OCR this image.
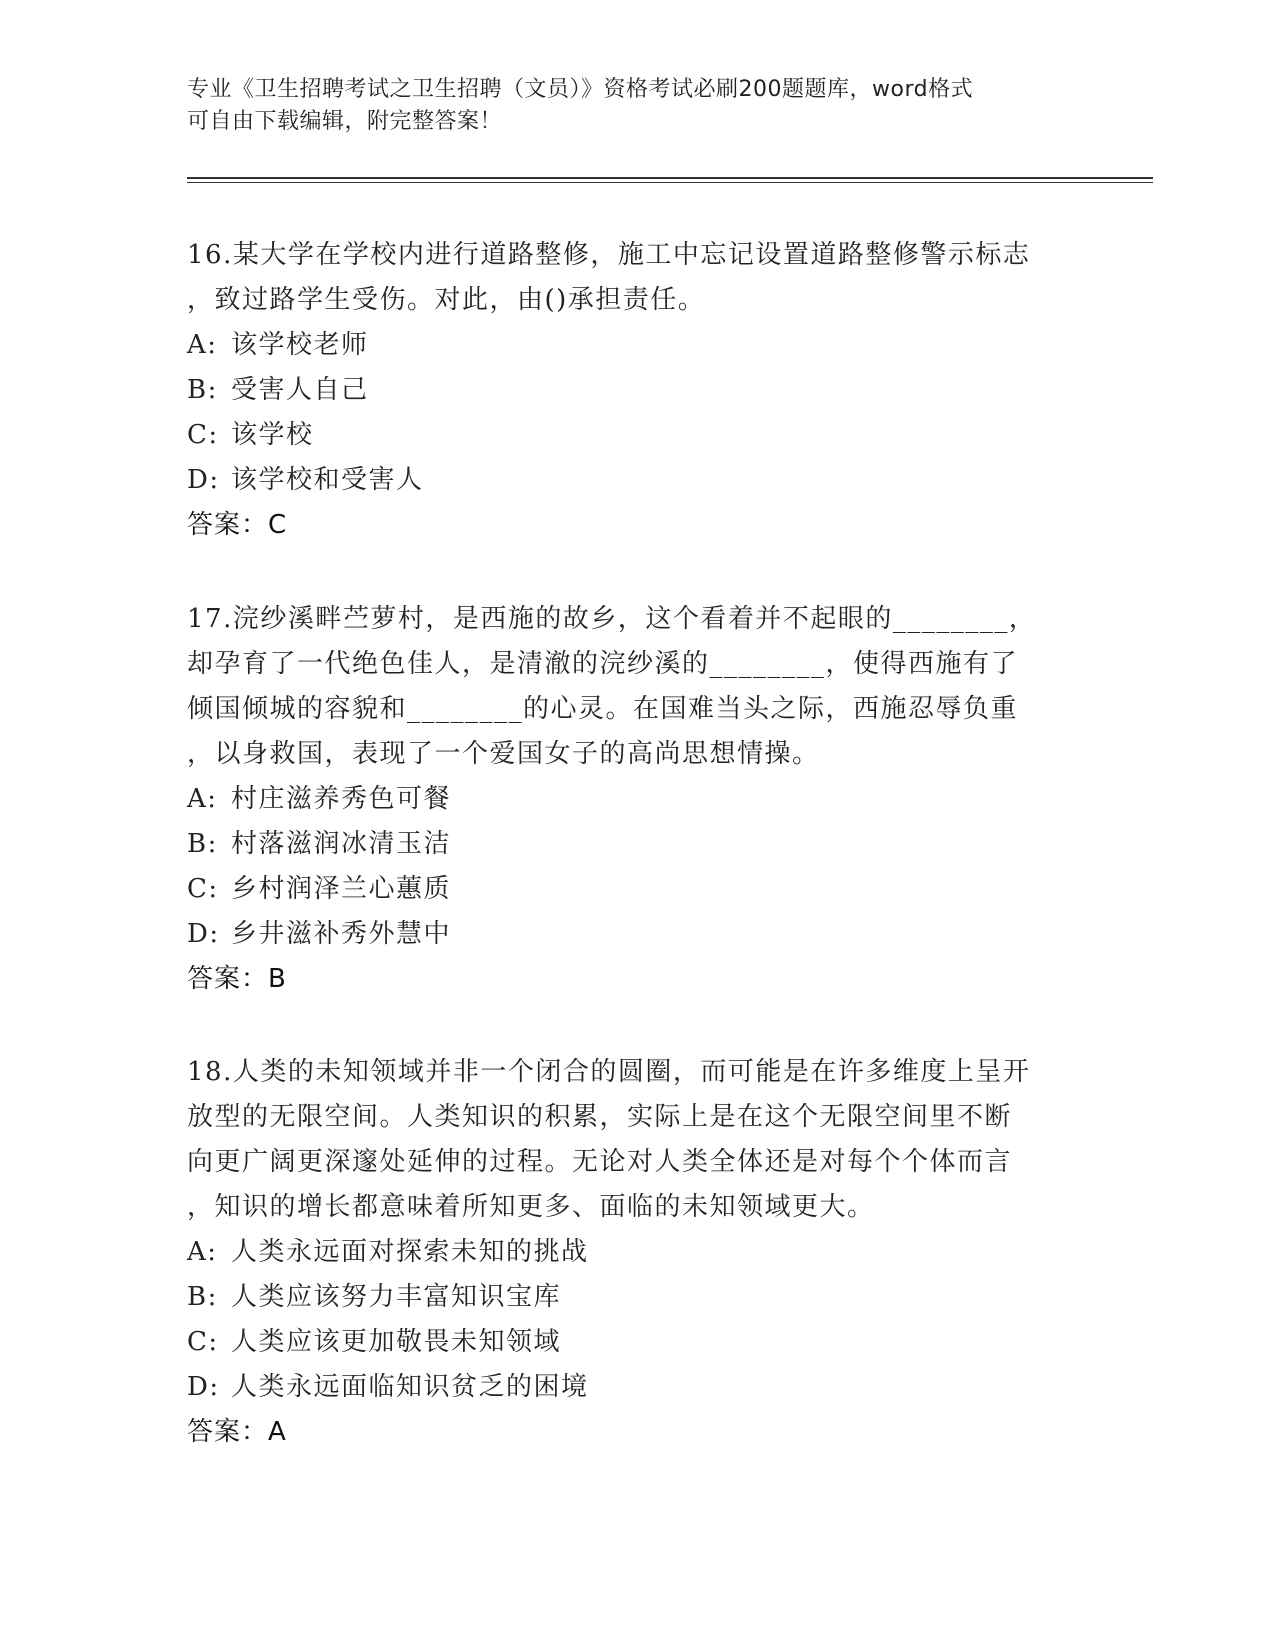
专业《卫生招聘考试之卫生招聘（文员）》资格考试必刷200题题库，word格式
可自由下载编辑，附完整答案！
16.某大学在学校内进行道路整修，施工中忘记设置道路整修警示标志
，致过路学生受伤。对此，由()承担责任。
A: 该学校老师
B: 受害人自己
C: 该学校
D: 该学校和受害人
答案：C
17.浣纱溪畔苎萝村，是西施的故乡，这个看着并不起眼的________，
却孕育了一代绝色佳人，是清澈的浣纱溪的________，使得西施有了
倾国倾城的容貌和________的心灵。在国难当头之际，西施忍辱负重
，以身救国，表现了一个爱国女子的高尚思想情操。
A: 村庄滋养秀色可餐
B: 村落滋润冰清玉洁
C: 乡村润泽兰心蕙质
D: 乡井滋补秀外慧中
答案：B
18.人类的未知领域并非一个闭合的圆圈，而可能是在许多维度上呈开
放型的无限空间。人类知识的积累，实际上是在这个无限空间里不断
向更广阔更深邃处延伸的过程。无论对人类全体还是对每个个体而言
，知识的增长都意味着所知更多、面临的未知领域更大。
A: 人类永远面对探索未知的挑战
B: 人类应该努力丰富知识宝库
C: 人类应该更加敬畏未知领域
D: 人类永远面临知识贫乏的困境
答案：A
